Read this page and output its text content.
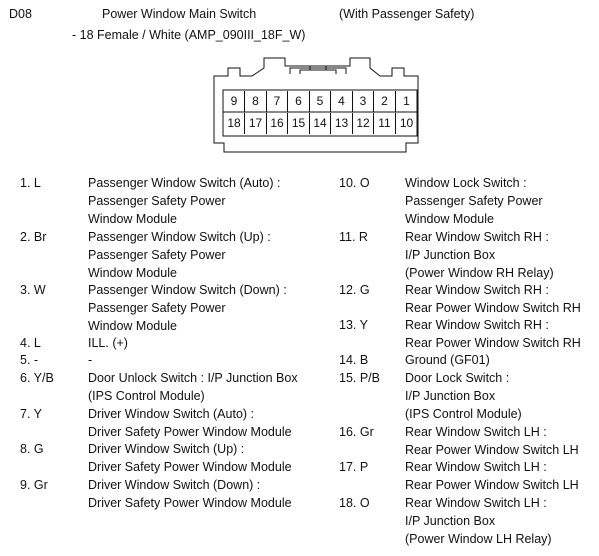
D08	Power Window Main Switch	(With Passenger Safety)
- 18 Female / White (AMP_090III_18F_W)
9	8	7	6	5	4	3	2	1
18 17 16 15 14 13 12 11 10
1. L	Passenger Window Switch (Auto) :
Passenger Safety Power
Window Module
2. Br	Passenger Window Switch (Up) :
Passenger Safety Power
Window Module
3. W	Passenger Window Switch (Down) :
Passenger Safety Power
Window Module
4. L	ILL. (+)
5. -	-
6. Y/B	Door Unlock Switch : I/P Junction Box
(IPS Control Module)
7. Y	Driver Window Switch (Auto) :
Driver Safety Power Window Module
8. G	Driver Window Switch (Up) :
Driver Safety Power Window Module
9. Gr	Driver Window Switch (Down) :
Driver Safety Power Window Module
10. O	Window Lock Switch :
Passenger Safety Power
Window Module
11. R	Rear Window Switch RH :
I/P Junction Box
(Power Window RH Relay)
12. G	Rear Window Switch RH :
Rear Power Window Switch RH
13. Y	Rear Window Switch RH :
Rear Power Window Switch RH
14. B	Ground (GF01)
15. P/B Door Lock Switch :
I/P Junction Box
(IPS Control Module)
16. Gr	Rear Window Switch LH :
Rear Power Window Switch LH
17. P	Rear Window Switch LH :
Rear Power Window Switch LH
18. O	Rear Window Switch LH :
I/P Junction Box
(Power Window LH Relay)
